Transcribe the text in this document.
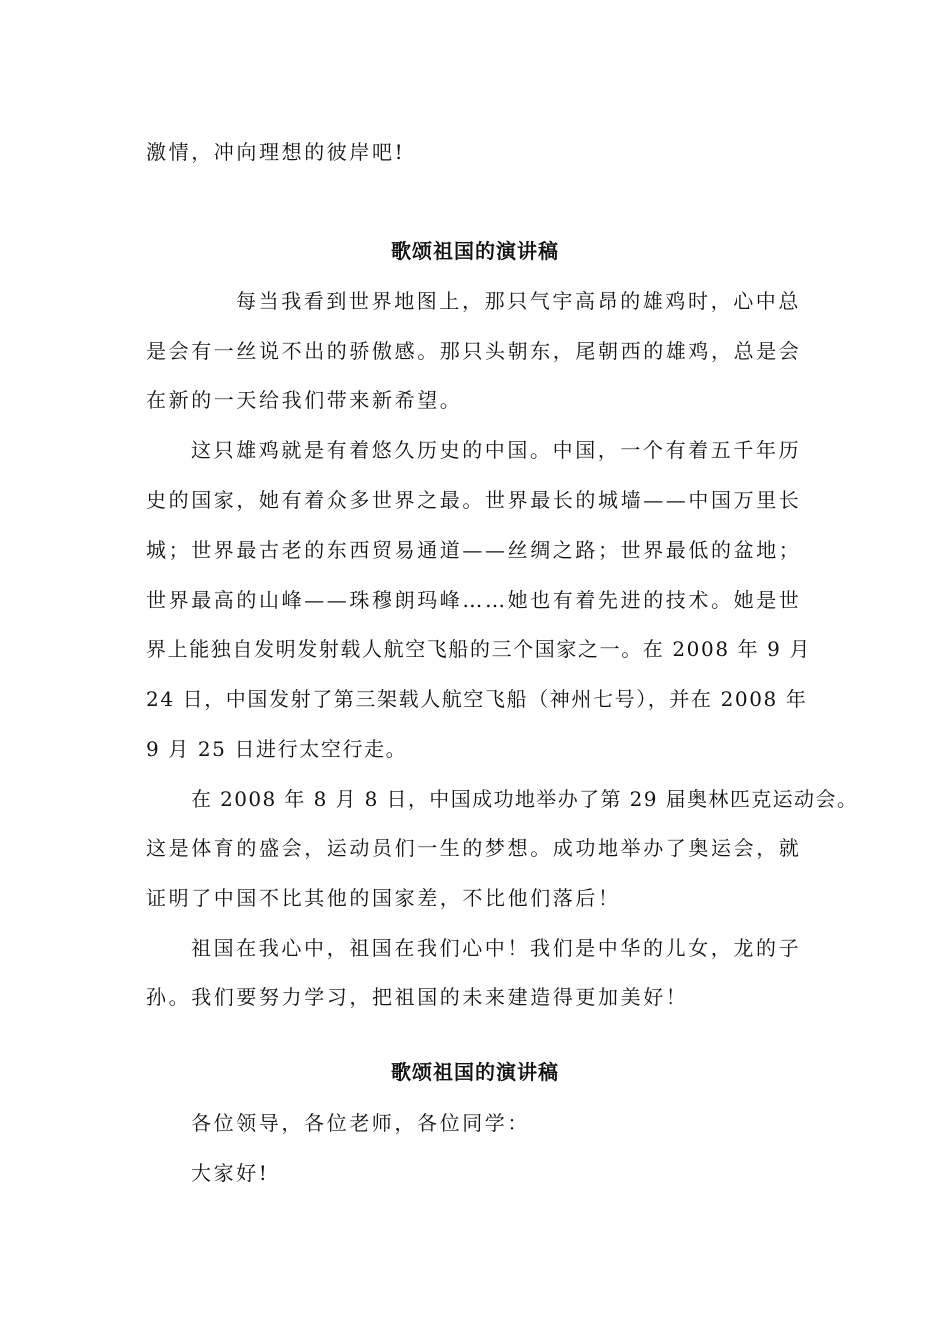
激情，冲向理想的彼岸吧!
歌颂祖国的演讲稿
每当我看到世界地图上，那只气宇高昂的雄鸡时，心中总
是会有一丝说不出的骄傲感。那只头朝东，尾朝西的雄鸡，总是会
在新的一天给我们带来新希望。
这只雄鸡就是有着悠久历史的中国。中国，一个有着五千年历
史的国家，她有着众多世界之最。世界最长的城墙——中国万里长
城；世界最古老的东西贸易通道——丝绸之路；世界最低的盆地；
世界最高的山峰——珠穆朗玛峰……她也有着先进的技术。她是世
界上能独自发明发射载人航空飞船的三个国家之一。在 2008 年 9 月
24 日，中国发射了第三架载人航空飞船（神州七号），并在 2008 年
9 月 25 日进行太空行走。
在 2008 年 8 月 8 日，中国成功地举办了第 29 届奥林匹克运动会。
这是体育的盛会，运动员们一生的梦想。成功地举办了奥运会，就
证明了中国不比其他的国家差，不比他们落后！
祖国在我心中，祖国在我们心中！我们是中华的儿女，龙的子
孙。我们要努力学习，把祖国的未来建造得更加美好！
歌颂祖国的演讲稿
各位领导，各位老师，各位同学：
大家好!
